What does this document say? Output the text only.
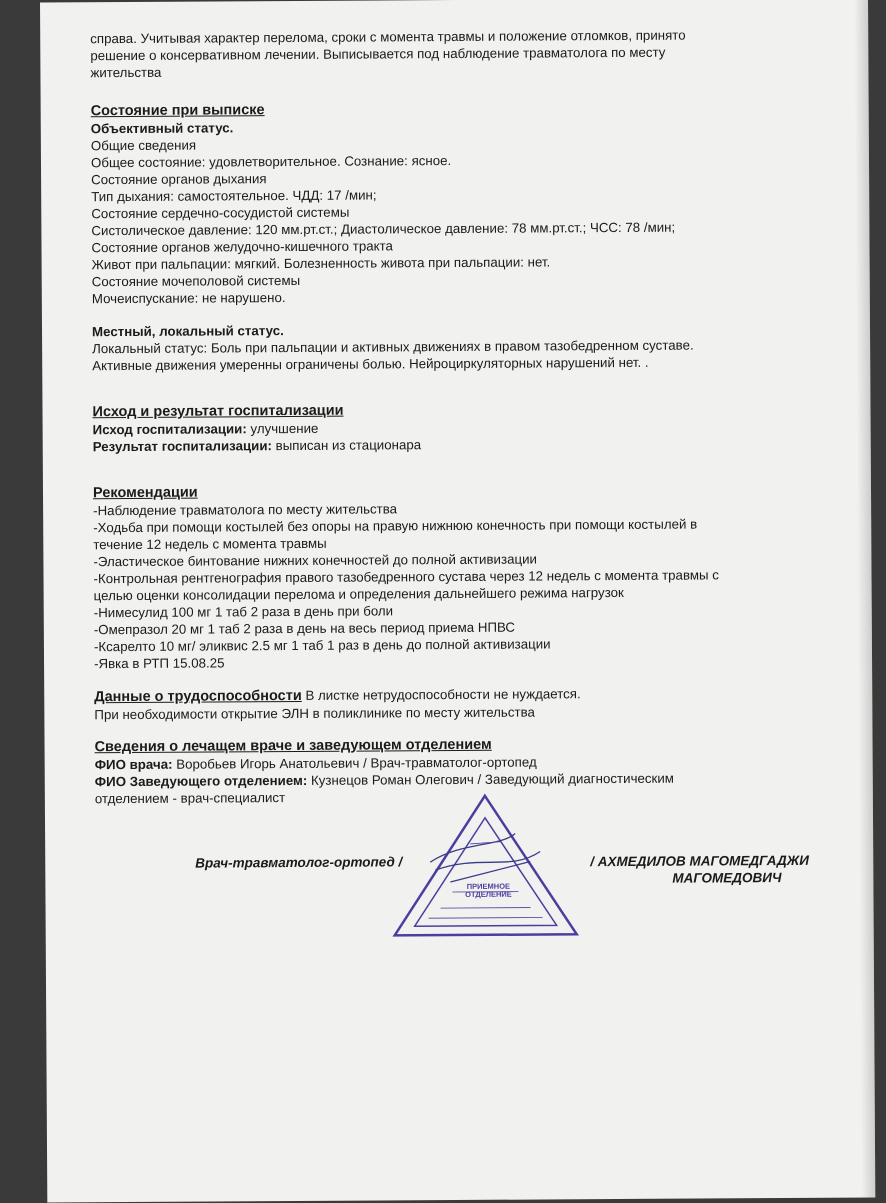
справа. Учитывая характер перелома, сроки с момента травмы и положение отломков, принято
решение о консервативном лечении. Выписывается под наблюдение травматолога по месту
жительства
Состояние при выписке
Объективный статус.
Общие сведения
Общее состояние: удовлетворительное. Сознание: ясное.
Состояние органов дыхания
Тип дыхания: самостоятельное. ЧДД: 17 /мин;
Состояние сердечно-сосудистой системы
Систолическое давление: 120 мм.рт.ст.; Диастолическое давление: 78 мм.рт.ст.; ЧСС: 78 /мин;
Состояние органов желудочно-кишечного тракта
Живот при пальпации: мягкий. Болезненность живота при пальпации: нет.
Состояние мочеполовой системы
Мочеиспускание: не нарушено.
Местный, локальный статус.
Локальный статус: Боль при пальпации и активных движениях в правом тазобедренном суставе.
Активные движения умеренны ограничены болью. Нейроциркуляторных нарушений нет. .
Исход и результат госпитализации
Исход госпитализации: улучшение
Результат госпитализации: выписан из стационара
Рекомендации
-Наблюдение травматолога по месту жительства
-Ходьба при помощи костылей без опоры на правую нижнюю конечность при помощи костылей в
течение 12 недель с момента травмы
-Эластическое бинтование нижних конечностей до полной активизации
-Контрольная рентгенография правого тазобедренного сустава через 12 недель с момента травмы с
целью оценки консолидации перелома и определения дальнейшего режима нагрузок
-Нимесулид 100 мг 1 таб 2 раза в день при боли
-Омепразол 20 мг 1 таб 2 раза в день на весь период приема НПВС
-Ксарелто 10 мг/ эликвис 2.5 мг 1 таб 1 раз в день до полной активизации
-Явка в РТП 15.08.25
Данные о трудоспособности В листке нетрудоспособности не нуждается.
При необходимости открытие ЭЛН в поликлинике по месту жительства
Сведения о лечащем враче и заведующем отделением
ФИО врача: Воробьев Игорь Анатольевич / Врач-травматолог-ортопед
ФИО Заведующего отделением: Кузнецов Роман Олегович / Заведующий диагностическим
отделением - врач-специалист
ПРИЕМНОЕ
ОТДЕЛЕНИЕ
Врач-травматолог-ортопед /	/ АХМЕДИЛОВ МАГОМЕДГАДЖИ
МАГОМЕДОВИЧ
